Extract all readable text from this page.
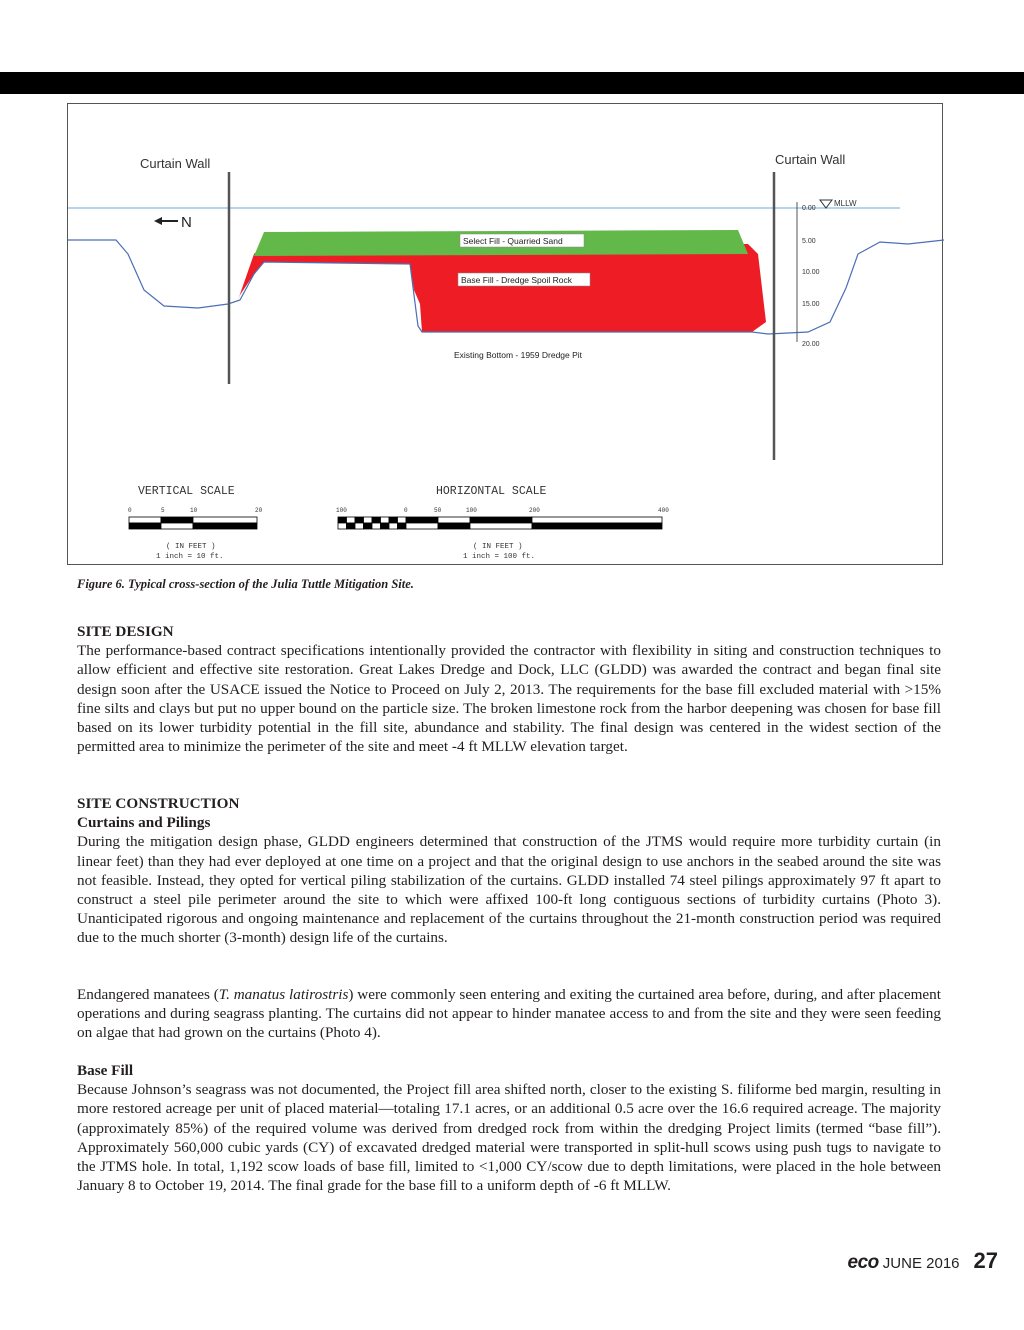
Curtain Wall	Curtain Wall
N
0.00
5.00
10.00
15.00
20.00
MLLW
Select Fill - Quarried Sand
Base Fill - Dredge Spoil Rock
Existing Bottom - 1959 Dredge Pit
VERTICAL SCALE
0	5	10	20
( IN FEET )
1 inch = 10 ft.
HORIZONTAL SCALE
100	0	50	100	200	400
( IN FEET )
1 inch = 100 ft.
Figure 6. Typical cross-section of the Julia Tuttle Mitigation Site.
SITE DESIGN

The performance-based contract specifications intentionally provided the contractor with flexibility in siting and construction techniques to allow efficient and effective site restoration. Great Lakes Dredge and Dock, LLC (GLDD) was awarded the contract and began final site design soon after the USACE issued the Notice to Proceed on July 2, 2013. The requirements for the base fill excluded material with >15% fine silts and clays but put no upper bound on the particle size. The broken limestone rock from the harbor deepening was chosen for base fill based on its lower turbidity potential in the fill site, abundance and stability. The final design was centered in the widest section of the permitted area to minimize the perimeter of the site and meet -4 ft MLLW elevation target.

SITE CONSTRUCTION
Curtains and Pilings

During the mitigation design phase, GLDD engineers determined that construction of the JTMS would require more turbidity curtain (in linear feet) than they had ever deployed at one time on a project and that the original design to use anchors in the seabed around the site was not feasible. Instead, they opted for vertical piling stabilization of the curtains. GLDD installed 74 steel pilings approximately 97 ft apart to construct a steel pile perimeter around the site to which were affixed 100-ft long contiguous sections of turbidity curtains (Photo 3). Unanticipated rigorous and ongoing maintenance and replacement of the curtains throughout the 21-month construction period was required due to the much shorter (3-month) design life of the curtains.

Endangered manatees (T. manatus latirostris) were commonly seen entering and exiting the curtained area before, during, and after placement operations and during seagrass planting. The curtains did not appear to hinder manatee access to and from the site and they were seen feeding on algae that had grown on the curtains (Photo 4).

Base Fill

Because Johnson’s seagrass was not documented, the Project fill area shifted north, closer to the existing S. filiforme bed margin, resulting in more restored acreage per unit of placed material—totaling 17.1 acres, or an additional 0.5 acre over the 16.6 required acreage. The majority (approximately 85%) of the required volume was derived from dredged rock from within the dredging Project limits (termed “base fill”). Approximately 560,000 cubic yards (CY) of excavated dredged material were transported in split-hull scows using push tugs to navigate to the JTMS hole. In total, 1,192 scow loads of base fill, limited to <1,000 CY/scow due to depth limitations, were placed in the hole between January 8 to October 19, 2014. The final grade for the base fill to a uniform depth of -6 ft MLLW.

eco JUNE 2016 27
